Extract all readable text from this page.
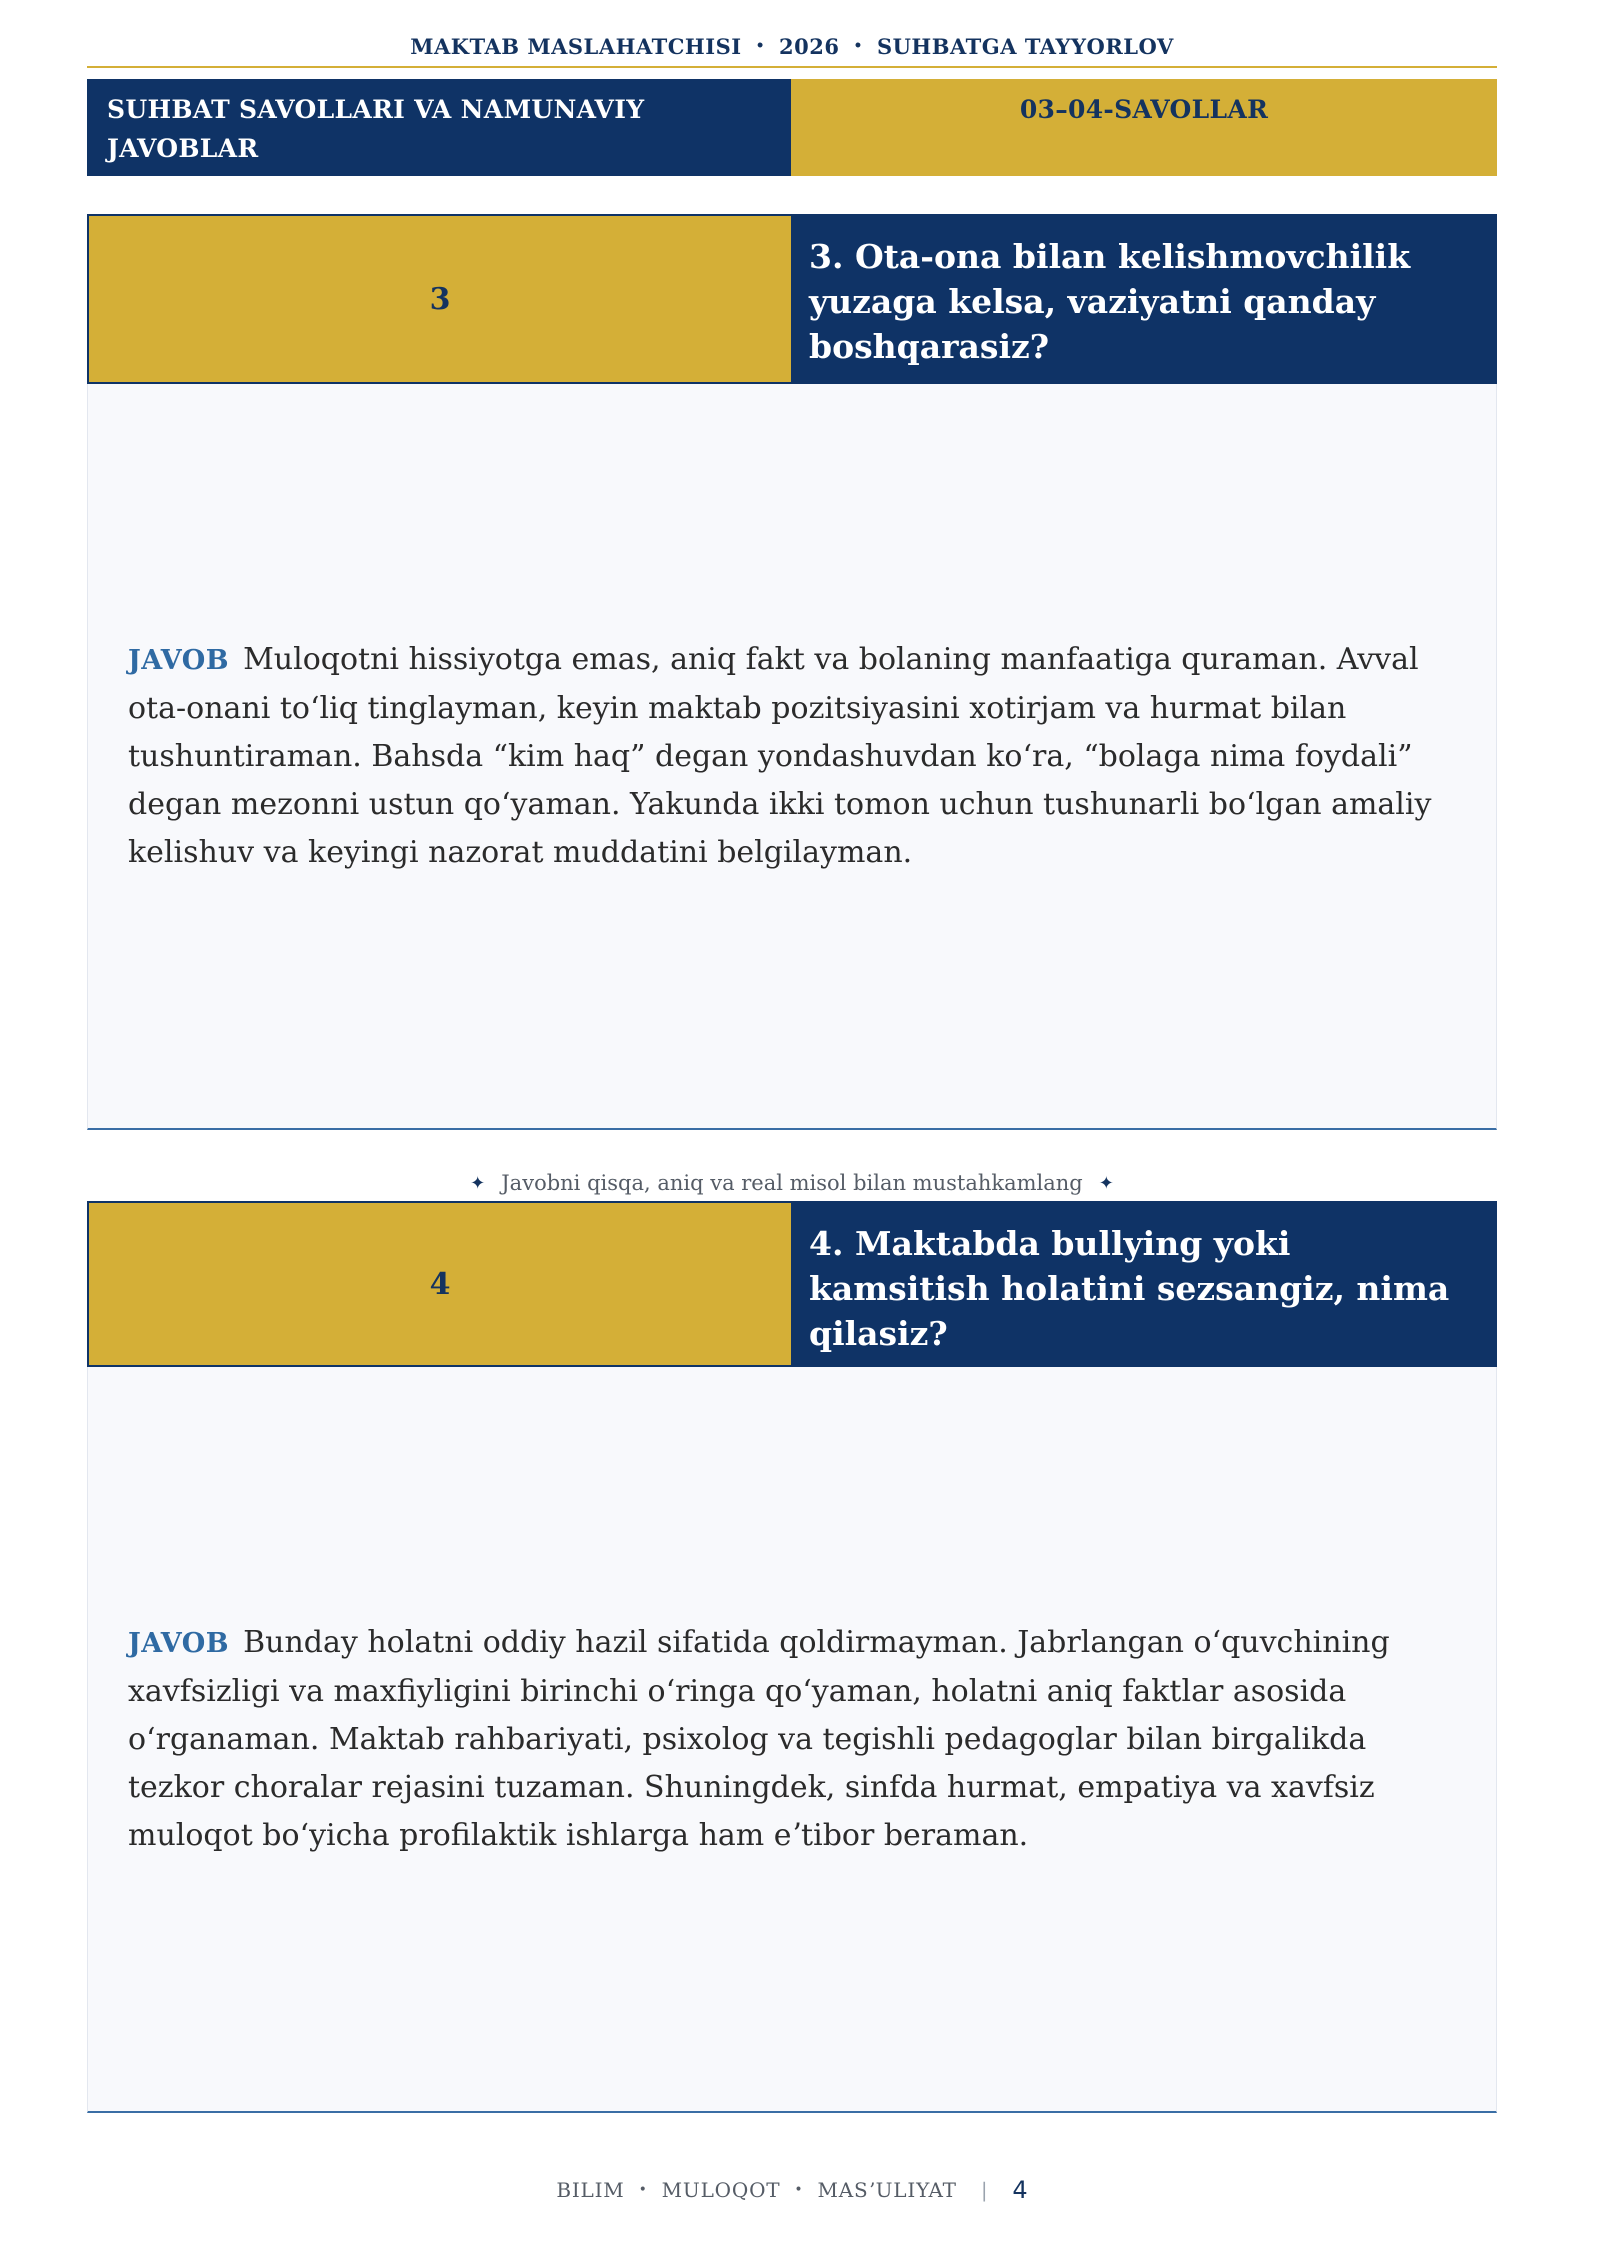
MAKTAB MASLAHATCHISI • 2026 • SUHBATGA TAYYORLOV
SUHBAT SAVOLLARI VA NAMUNAVIY JAVOBLAR
03–04-SAVOLLAR
3
3. Ota-ona bilan kelishmovchilik yuzaga kelsa, vaziyatni qanday boshqarasiz?
JAVOB Muloqotni hissiyotga emas, aniq fakt va bolaning manfaatiga quraman. Avval ota-onani toʻliq tinglayman, keyin maktab pozitsiyasini xotirjam va hurmat bilan tushuntiraman. Bahsda “kim haq” degan yondashuvdan koʻra, “bolaga nima foydali” degan mezonni ustun qoʻyaman. Yakunda ikki tomon uchun tushunarli boʻlgan amaliy kelishuv va keyingi nazorat muddatini belgilayman.
✦ Javobni qisqa, aniq va real misol bilan mustahkamlang ✦
4
4. Maktabda bullying yoki kamsitish holatini sezsangiz, nima qilasiz?
JAVOB Bunday holatni oddiy hazil sifatida qoldirmayman. Jabrlangan oʻquvchining xavfsizligi va maxfiyligini birinchi oʻringa qoʻyaman, holatni aniq faktlar asosida oʻrganaman. Maktab rahbariyati, psixolog va tegishli pedagoglar bilan birgalikda tezkor choralar rejasini tuzaman. Shuningdek, sinfda hurmat, empatiya va xavfsiz muloqot boʻyicha profilaktik ishlarga ham eʼtibor beraman.
BILIM • MULOQOT • MASʼULIYAT | 4
